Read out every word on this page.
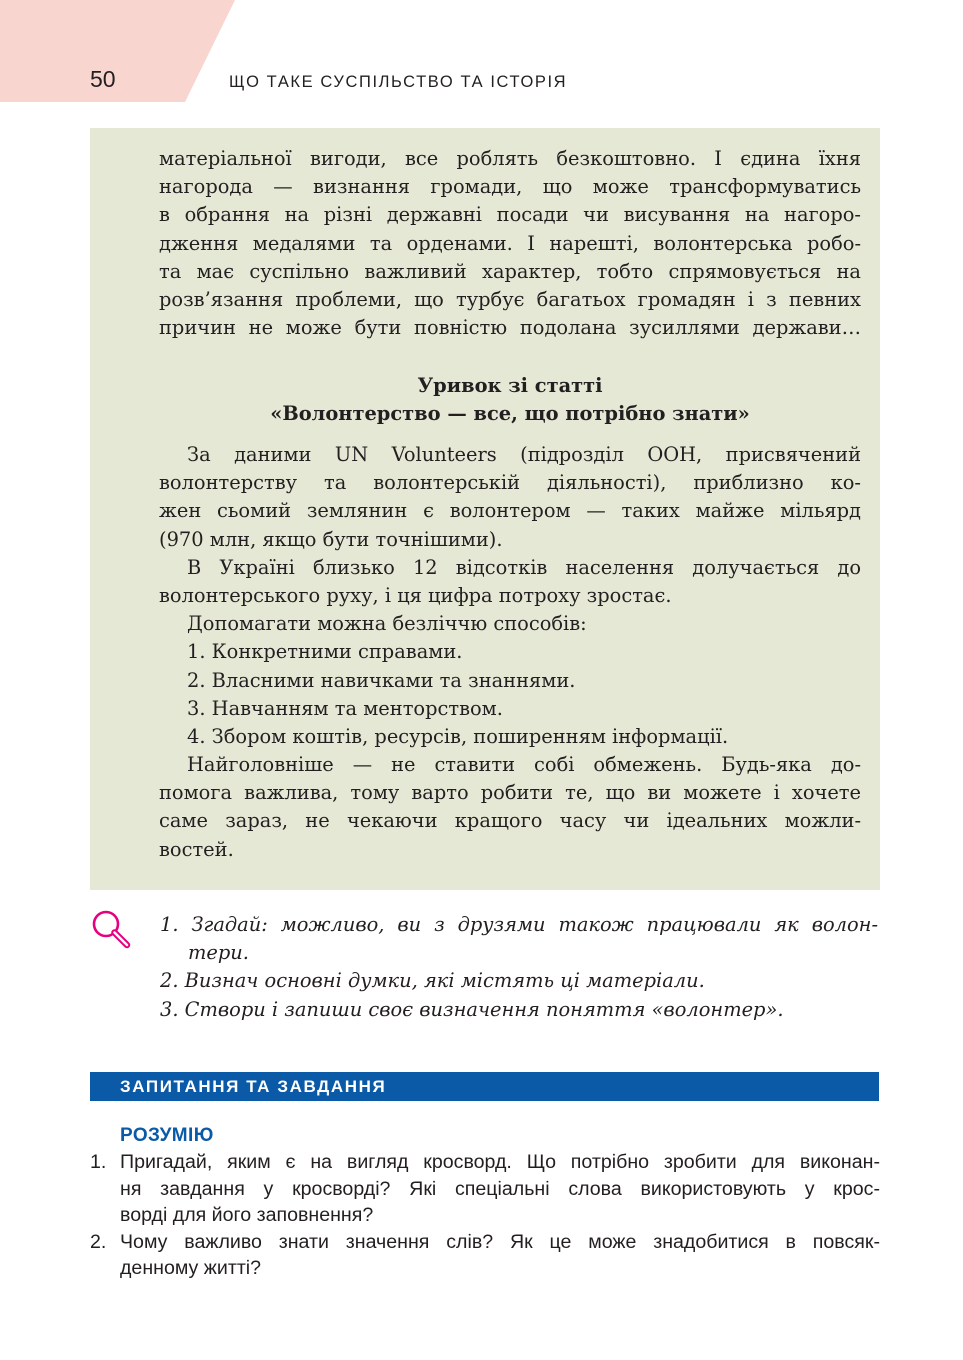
50	ЩО ТАКЕ СУСПІЛЬСТВО ТА ІСТОРІЯ
матеріальної вигоди, все роблять безкоштовно. І єдина їхня
нагорода — визнання громади, що може трансформуватись
в обрання на різні державні посади чи висування на нагоро-
дження медалями та орденами. І нарешті, волонтерська робо-
та має суспільно важливий характер, тобто спрямовується на
розв’язання проблеми, що турбує багатьох громадян і з певних
причин не може бути повністю подолана зусиллями держави…
Уривок зі статті
«Волонтерство — все, що потрібно знати»
За даними UN Volunteers (підрозділ ООН, присвячений
волонтерству та волонтерській діяльності), приблизно ко-
жен сьомий землянин є волонтером — таких майже мільярд
(970 млн, якщо бути точнішими).
В Україні близько 12 відсотків населення долучається до
волонтерського руху, і ця цифра потроху зростає.
Допомагати можна безліччю способів:
1. Конкретними справами.
2. Власними навичками та знаннями.
3. Навчанням та менторством.
4. Збором коштів, ресурсів, поширенням інформації.
Найголовніше — не ставити собі обмежень. Будь-яка до-
помога важлива, тому варто робити те, що ви можете і хочете
саме зараз, не чекаючи кращого часу чи ідеальних можли-
востей.
1. Згадай: можливо, ви з друзями також працювали як волон-
тери.
2. Визнач основні думки, які містять ці матеріали.
3. Створи і запиши своє визначення поняття «волонтер».
ЗАПИТАННЯ ТА ЗАВДАННЯ
РОЗУМІЮ
1. Пригадай, яким є на вигляд кросворд. Що потрібно зробити для виконан-
ня завдання у кросворді? Які спеціальні слова використовують у крос-
ворді для його заповнення?
2. Чому важливо знати значення слів? Як це може знадобитися в повсяк-
денному житті?
